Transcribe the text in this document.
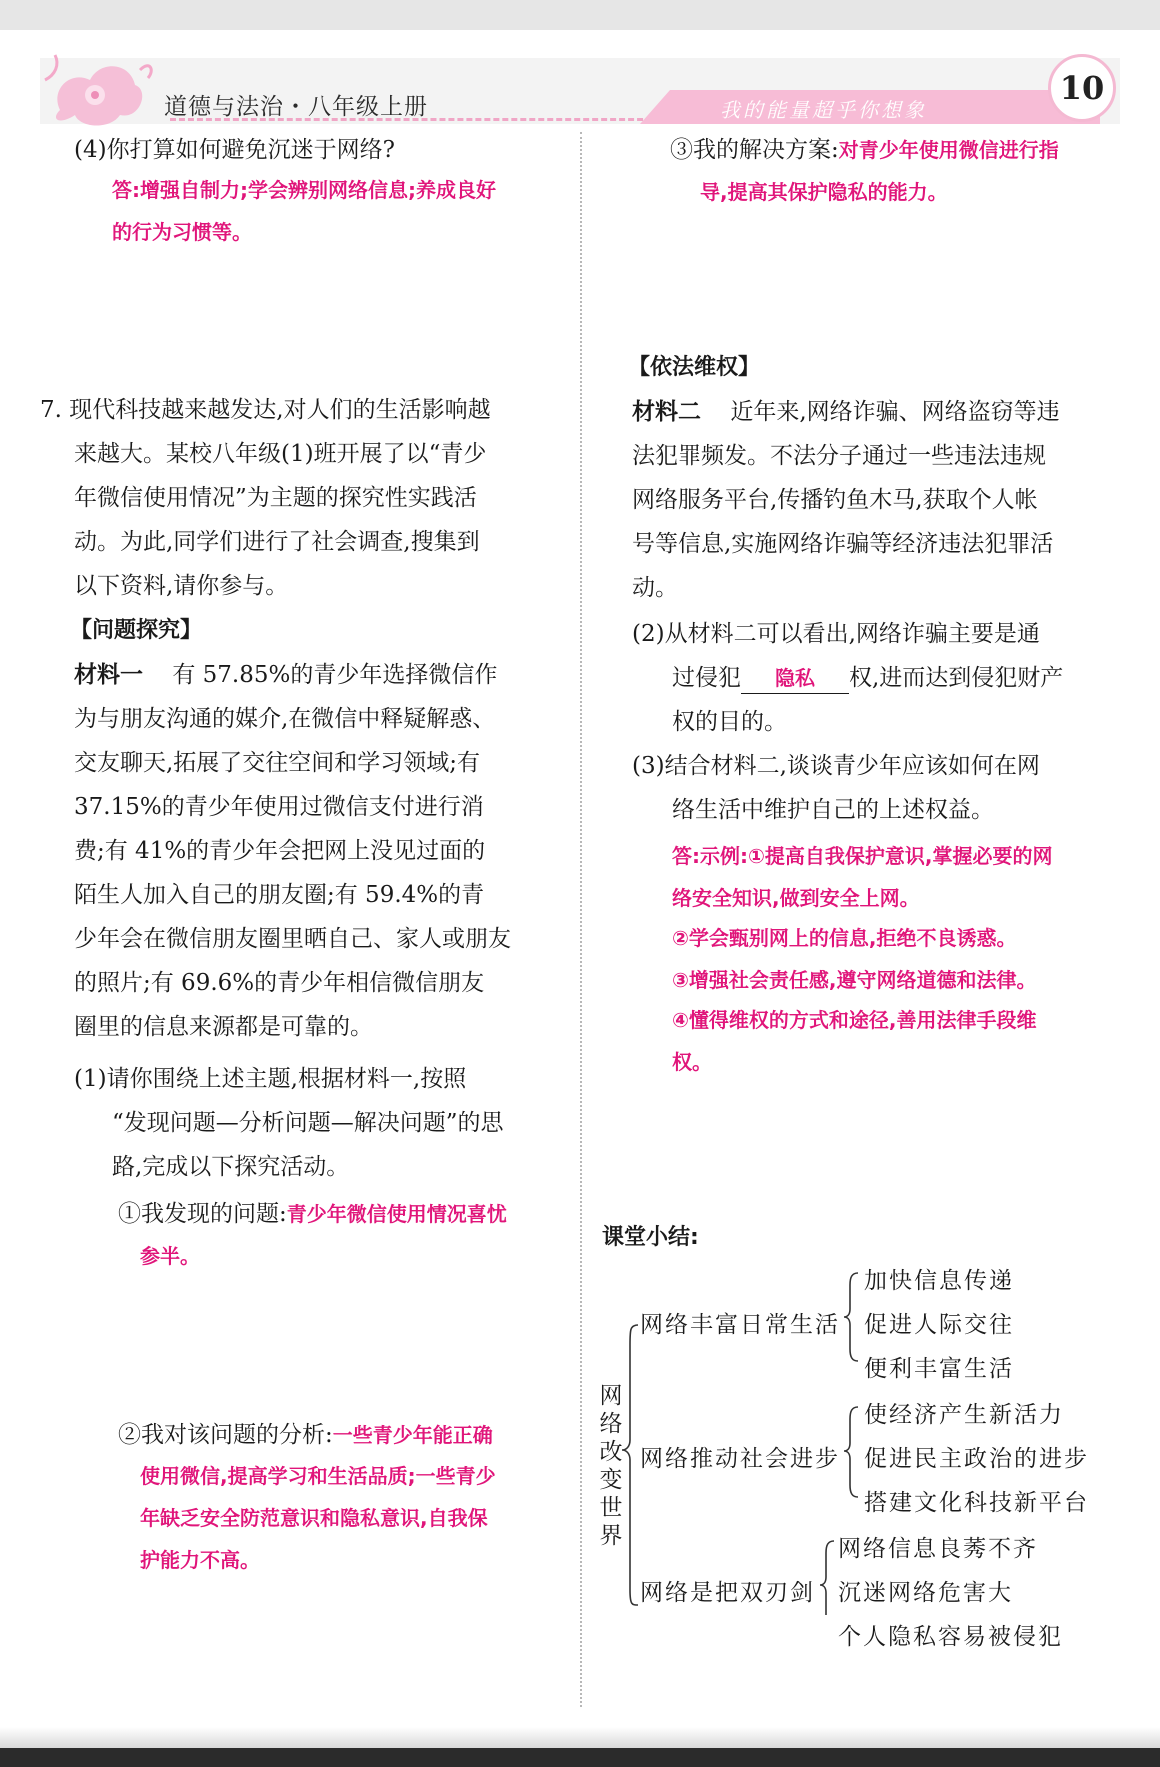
道德与法治・八年级上册	我的能量超乎你想象
10
(4)你打算如何避免沉迷于网络?
答:增强自制力;学会辨别网络信息;养成良好
的行为习惯等。
7. 现代科技越来越发达,对人们的生活影响越
来越大。某校八年级(1)班开展了以“青少
年微信使用情况”为主题的探究性实践活
动。为此,同学们进行了社会调查,搜集到
以下资料,请你参与。
【问题探究】
材料一 有 57.85%的青少年选择微信作
为与朋友沟通的媒介,在微信中释疑解惑、
交友聊天,拓展了交往空间和学习领域;有
37.15%的青少年使用过微信支付进行消
费;有 41%的青少年会把网上没见过面的
陌生人加入自己的朋友圈;有 59.4%的青
少年会在微信朋友圈里晒自己、家人或朋友
的照片;有 69.6%的青少年相信微信朋友
圈里的信息来源都是可靠的。
(1)请你围绕上述主题,根据材料一,按照
“发现问题—分析问题—解决问题”的思
路,完成以下探究活动。
①我发现的问题:青少年微信使用情况喜忧
参半。
②我对该问题的分析:一些青少年能正确
使用微信,提高学习和生活品质;一些青少
年缺乏安全防范意识和隐私意识,自我保
护能力不高。
③我的解决方案:对青少年使用微信进行指
导,提高其保护隐私的能力。
【依法维权】
材料二 近年来,网络诈骗、网络盗窃等违
法犯罪频发。不法分子通过一些违法违规
网络服务平台,传播钓鱼木马,获取个人帐
号等信息,实施网络诈骗等经济违法犯罪活
动。
(2)从材料二可以看出,网络诈骗主要是通
过侵犯 隐私 权,进而达到侵犯财产
权的目的。
(3)结合材料二,谈谈青少年应该如何在网
络生活中维护自己的上述权益。
答:示例:①提高自我保护意识,掌握必要的网
络安全知识,做到安全上网。
②学会甄别网上的信息,拒绝不良诱惑。
③增强社会责任感,遵守网络道德和法律。
④懂得维权的方式和途径,善用法律手段维
权。
课堂小结:
网
络
改
变
世
界
网络丰富日常生活
加快信息传递
促进人际交往
便利丰富生活
网络推动社会进步
使经济产生新活力
促进民主政治的进步
搭建文化科技新平台
网络是把双刃剑
网络信息良莠不齐
沉迷网络危害大
个人隐私容易被侵犯
